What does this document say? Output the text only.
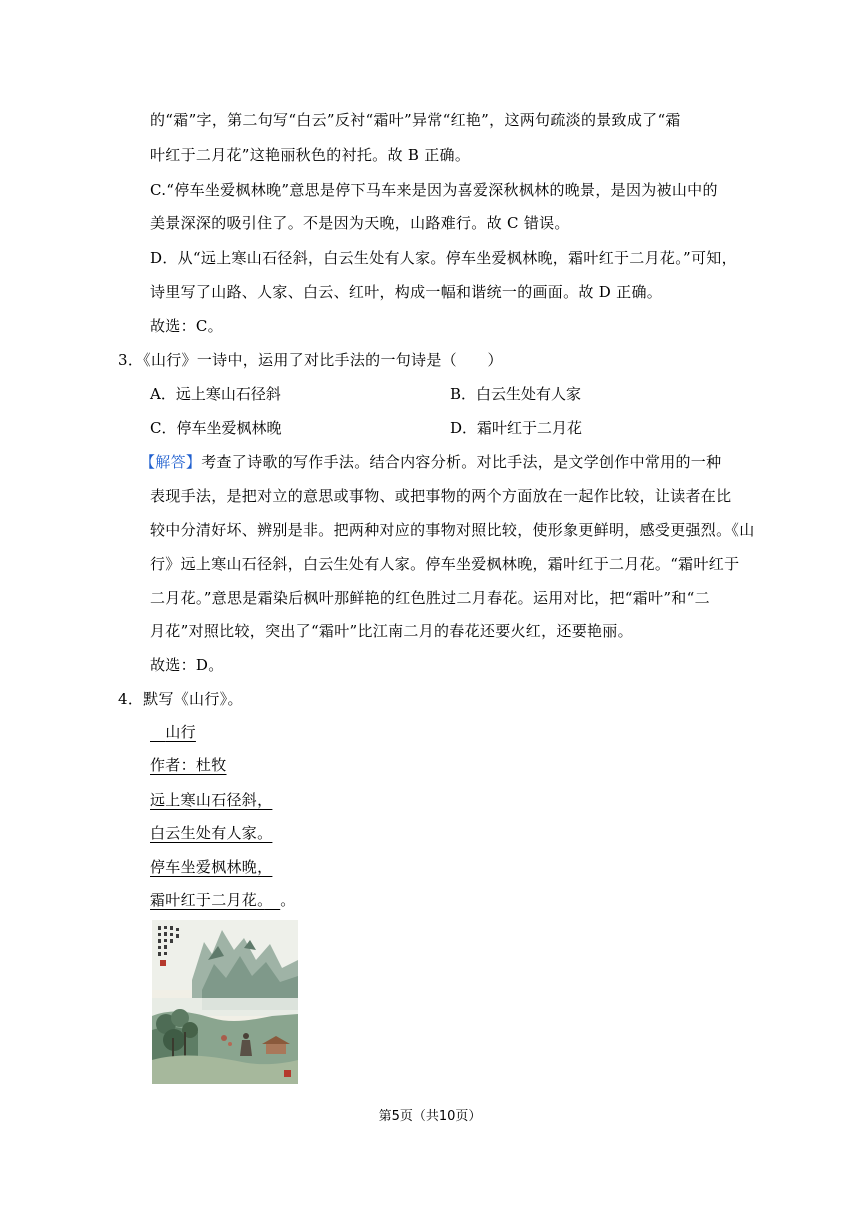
的“霜”字，第二句写“白云”反衬“霜叶”异常“红艳”，这两句疏淡的景致成了“霜
叶红于二月花”这艳丽秋色的衬托。故 B 正确。
C.“停车坐爱枫林晚”意思是停下马车来是因为喜爱深秋枫林的晚景，是因为被山中的
美景深深的吸引住了。不是因为天晚，山路难行。故 C 错误。
D．从“远上寒山石径斜，白云生处有人家。停车坐爱枫林晚，霜叶红于二月花。”可知，
诗里写了山路、人家、白云、红叶，构成一幅和谐统一的画面。故 D 正确。
故选：C。
3．《山行》一诗中，运用了对比手法的一句诗是（　　）
A．远上寒山石径斜	B．白云生处有人家
C．停车坐爱枫林晚	D．霜叶红于二月花
【解答】考查了诗歌的写作手法。结合内容分析。对比手法，是文学创作中常用的一种
表现手法，是把对立的意思或事物、或把事物的两个方面放在一起作比较，让读者在比
较中分清好坏、辨别是非。把两种对应的事物对照比较，使形象更鲜明，感受更强烈。《山
行》远上寒山石径斜，白云生处有人家。停车坐爱枫林晚，霜叶红于二月花。“霜叶红于
二月花。”意思是霜染后枫叶那鲜艳的红色胜过二月春花。运用对比，把“霜叶”和“二
月花”对照比较，突出了“霜叶”比江南二月的春花还要火红，还要艳丽。
故选：D。
4．默写《山行》。
　山行
作者：杜牧
远上寒山石径斜，
白云生处有人家。
停车坐爱枫林晚，
霜叶红于二月花。　 。
第5页（共10页）
